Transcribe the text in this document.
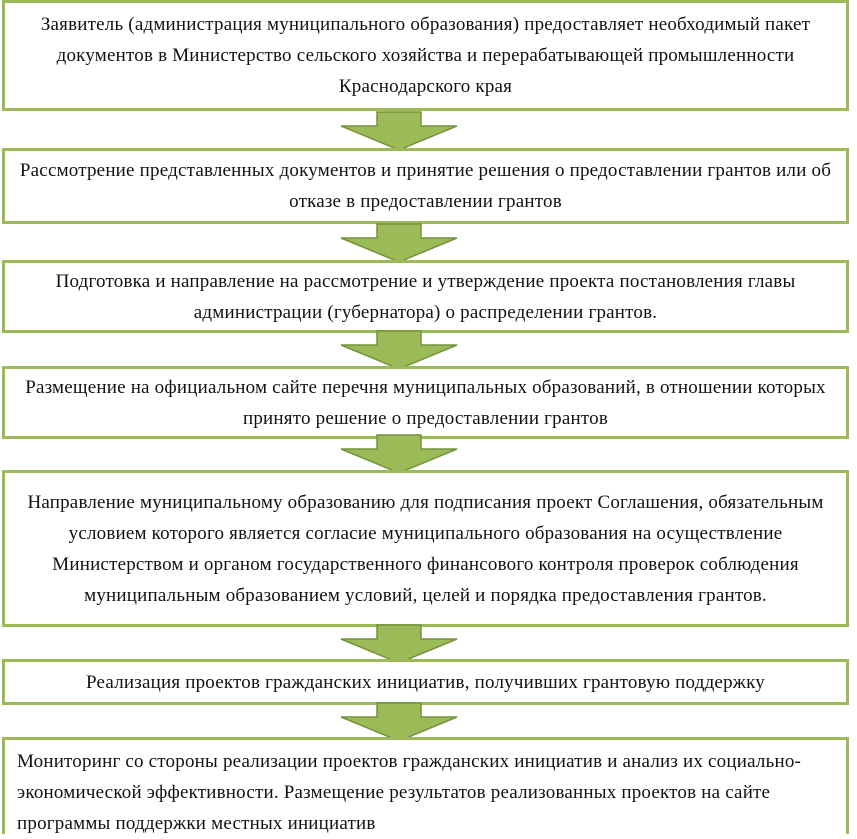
Заявитель (администрация муниципального образования) предоставляет необходимый пакет документов в Министерство сельского хозяйства и перерабатывающей промышленности Краснодарского края
Рассмотрение представленных документов и принятие решения о предоставлении грантов или об отказе в предоставлении грантов
Подготовка и направление на рассмотрение и утверждение проекта постановления главы администрации (губернатора) о распределении грантов.
Размещение на официальном сайте перечня муниципальных образований, в отношении которых принято решение о предоставлении грантов
Направление муниципальному образованию для подписания проект Соглашения, обязательным условием которого является согласие муниципального образования на осуществление Министерством и органом государственного финансового контроля проверок соблюдения муниципальным образованием условий, целей и порядка предоставления грантов.
Реализация проектов гражданских инициатив, получивших грантовую поддержку
Мониторинг со стороны реализации проектов гражданских инициатив и анализ их социально-экономической эффективности. Размещение результатов реализованных проектов на сайте программы поддержки местных инициатив
